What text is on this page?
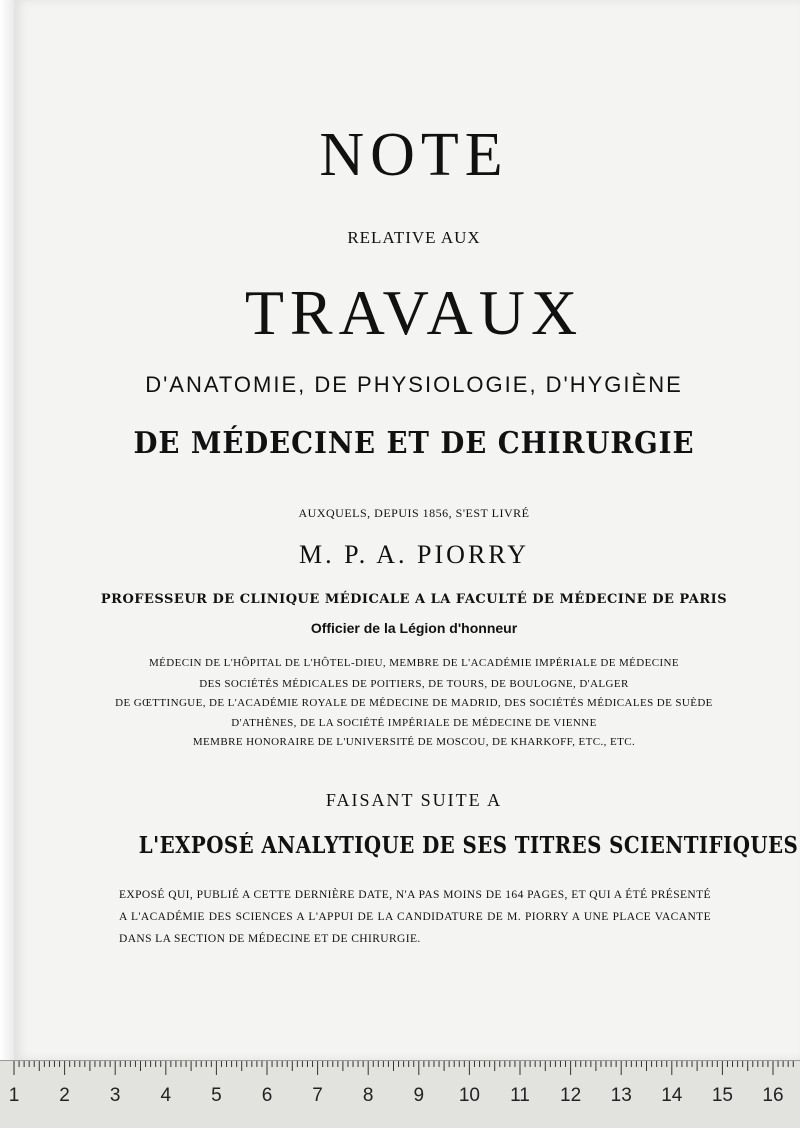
NOTE
RELATIVE AUX
TRAVAUX
D'ANATOMIE, DE PHYSIOLOGIE, D'HYGIÈNE
DE MÉDECINE ET DE CHIRURGIE
AUXQUELS, DEPUIS 1856, S'EST LIVRÉ
M. P. A. PIORRY
PROFESSEUR DE CLINIQUE MÉDICALE A LA FACULTÉ DE MÉDECINE DE PARIS
Officier de la Légion d'honneur
MÉDECIN DE L'HÔPITAL DE L'HÔTEL-DIEU, MEMBRE DE L'ACADÉMIE IMPÉRIALE DE MÉDECINE
DES SOCIÉTÉS MÉDICALES DE POITIERS, DE TOURS, DE BOULOGNE, D'ALGER
DE GŒTTINGUE, DE L'ACADÉMIE ROYALE DE MÉDECINE DE MADRID, DES SOCIÉTÉS MÉDICALES DE SUÈDE
D'ATHÈNES, DE LA SOCIÉTÉ IMPÉRIALE DE MÉDECINE DE VIENNE
MEMBRE HONORAIRE DE L'UNIVERSITÉ DE MOSCOU, DE KHARKOFF, ETC., ETC.
FAISANT SUITE A
L'EXPOSÉ ANALYTIQUE DE SES TITRES SCIENTIFIQUES
EXPOSÉ QUI, PUBLIÉ A CETTE DERNIÈRE DATE, N'A PAS MOINS DE 164 PAGES, ET QUI A ÉTÉ PRÉSENTÉ A L'ACADÉMIE DES SCIENCES A L'APPUI DE LA CANDIDATURE DE M. PIORRY A UNE PLACE VACANTE DANS LA SECTION DE MÉDECINE ET DE CHIRURGIE.
1 2 3 4 5 6 7 8 9 10 11 12 13 14 15 16
